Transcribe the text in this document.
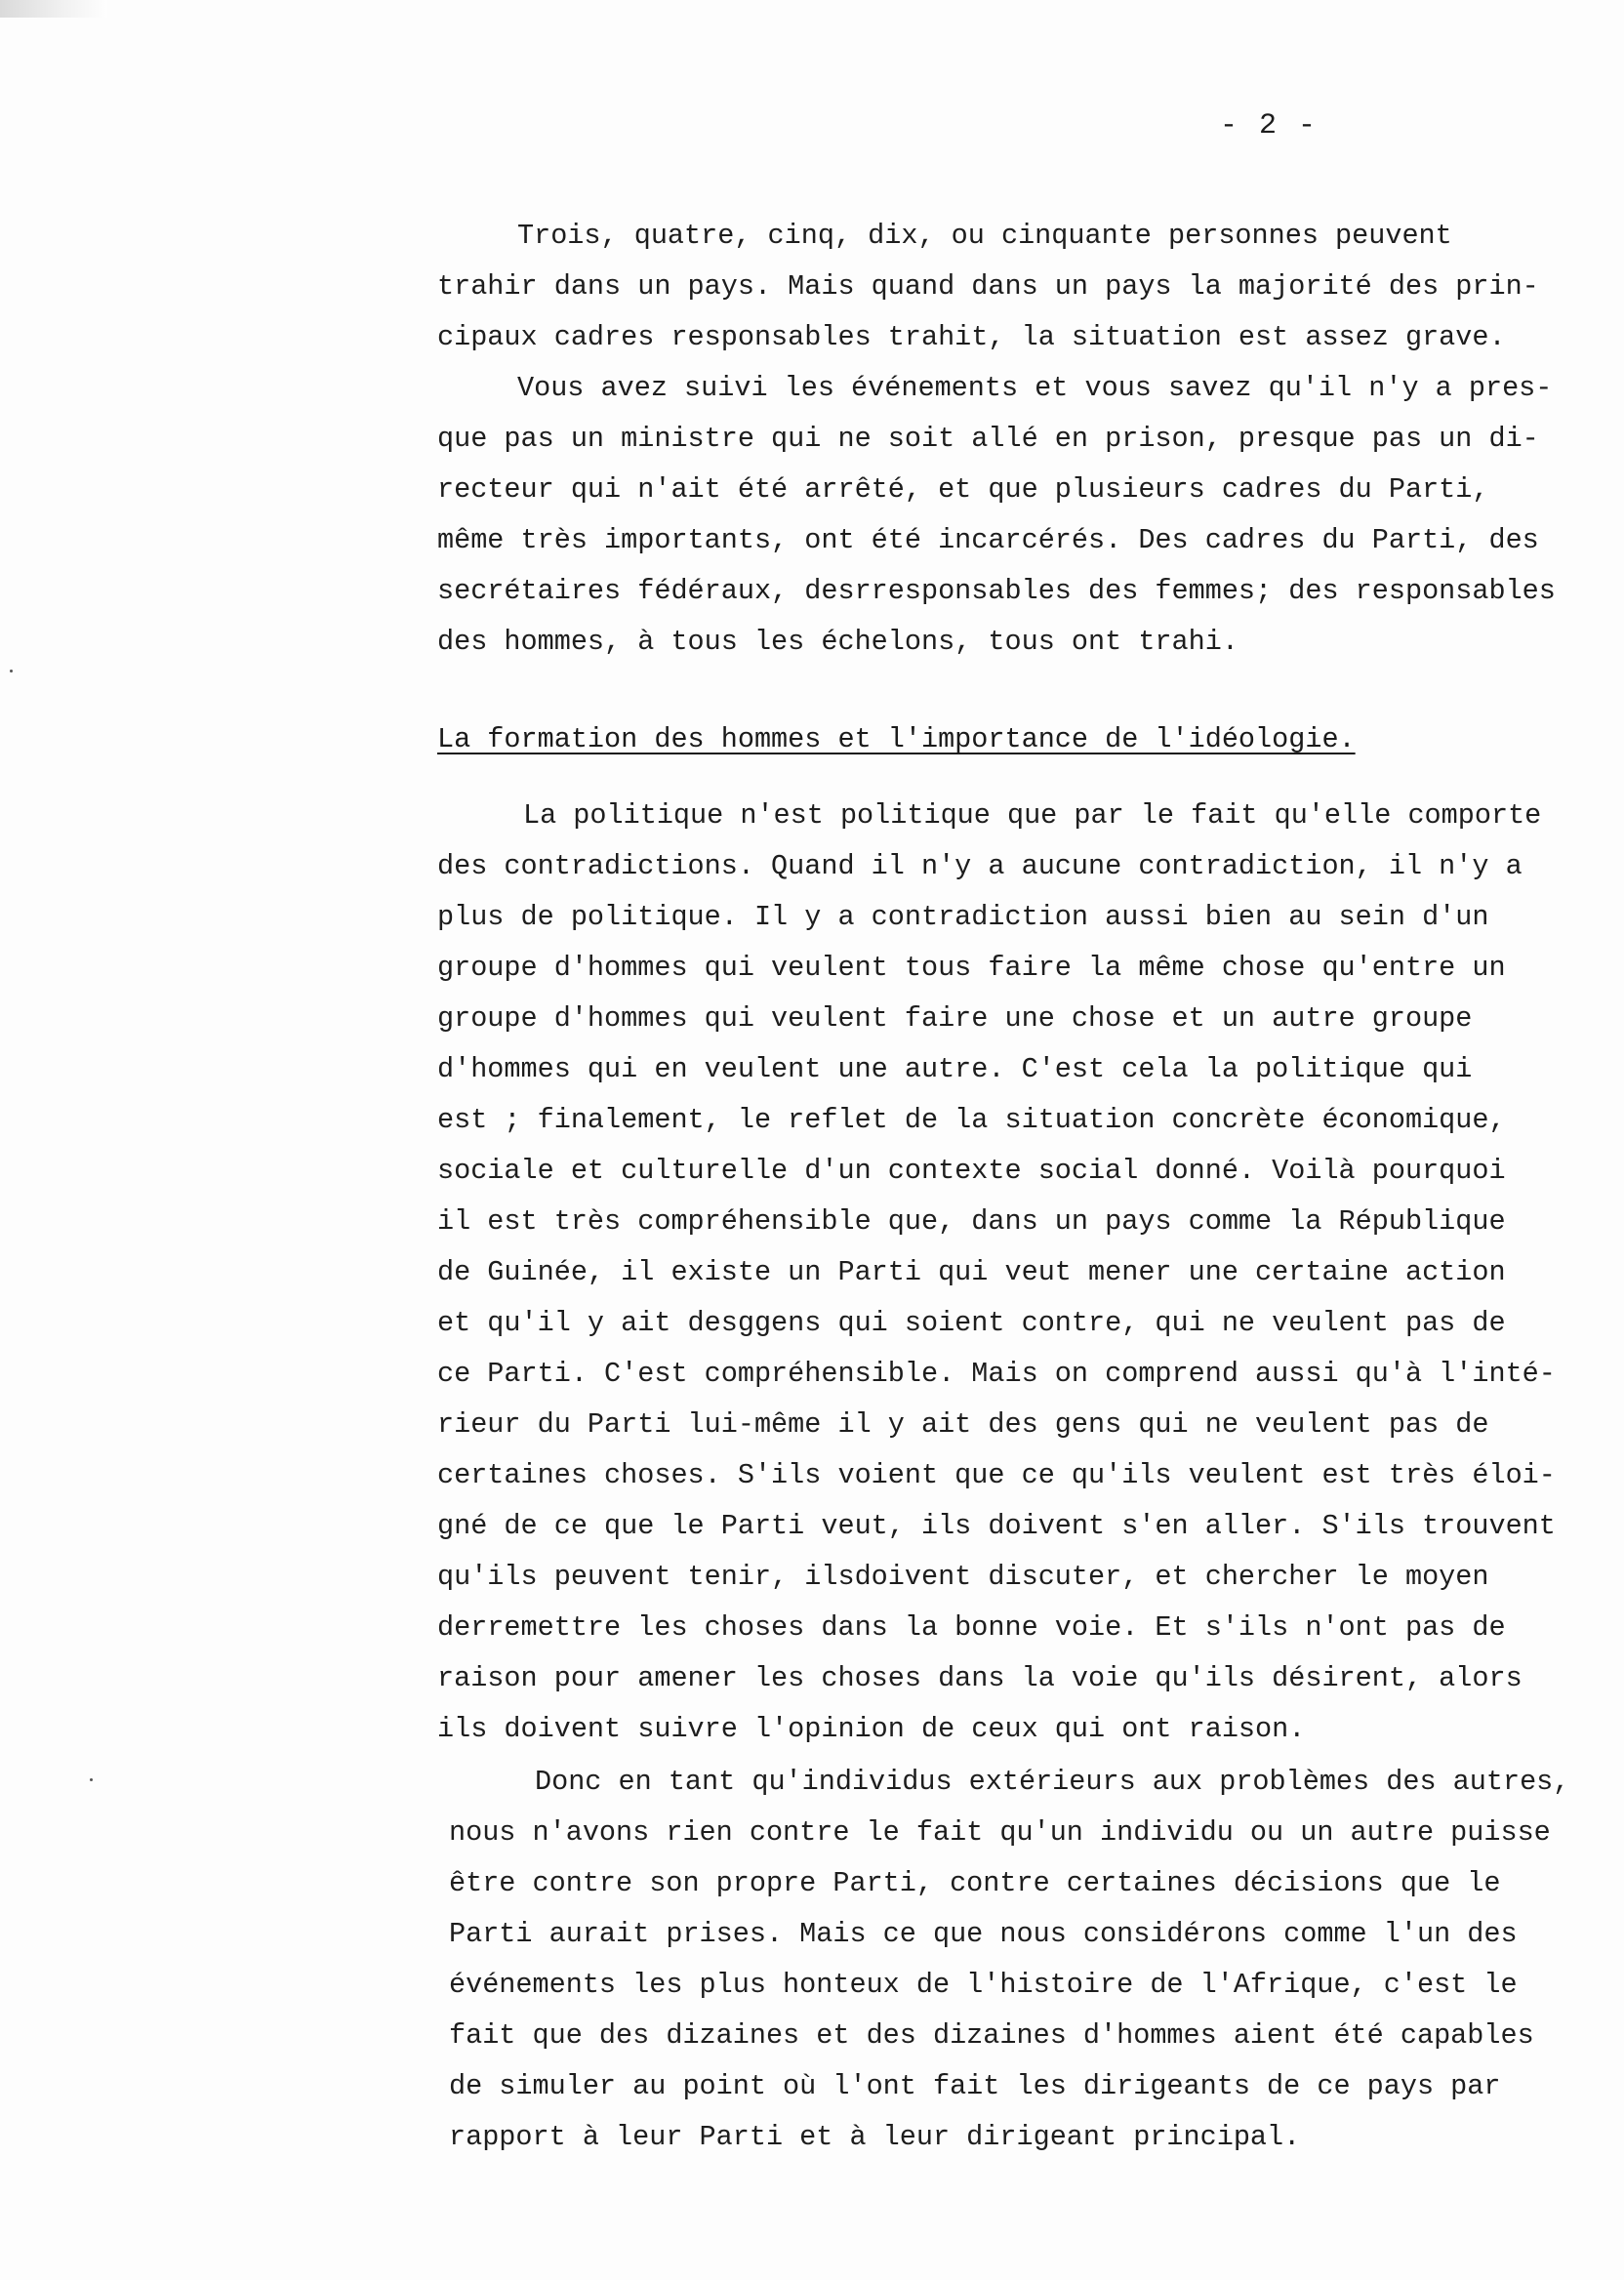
- 2 -
Trois, quatre, cinq, dix, ou cinquante personnes peuvent
trahir dans un pays. Mais quand dans un pays la majorité des prin-
cipaux cadres responsables trahit, la situation est assez grave.
Vous avez suivi les événements et vous savez qu'il n'y a pres-
que pas un ministre qui ne soit allé en prison, presque pas un di-
recteur qui n'ait été arrêté, et que plusieurs cadres du Parti,
même très importants, ont été incarcérés. Des cadres du Parti, des
secrétaires fédéraux, desrresponsables des femmes; des responsables
des hommes, à tous les échelons, tous ont trahi.
La formation des hommes et l'importance de l'idéologie.
La politique n'est politique que par le fait qu'elle comporte
des contradictions. Quand il n'y a aucune contradiction, il n'y a
plus de politique. Il y a contradiction aussi bien au sein d'un
groupe d'hommes qui veulent tous faire la même chose qu'entre un
groupe d'hommes qui veulent faire une chose et un autre groupe
d'hommes qui en veulent une autre. C'est cela la politique qui
est ; finalement, le reflet de la situation concrète économique,
sociale et culturelle d'un contexte social donné. Voilà pourquoi
il est très compréhensible que, dans un pays comme la République
de Guinée, il existe un Parti qui veut mener une certaine action
et qu'il y ait desggens qui soient contre, qui ne veulent pas de
ce Parti. C'est compréhensible. Mais on comprend aussi qu'à l'inté-
rieur du Parti lui-même il y ait des gens qui ne veulent pas de
certaines choses. S'ils voient que ce qu'ils veulent est très éloi-
gné de ce que le Parti veut, ils doivent s'en aller. S'ils trouvent
qu'ils peuvent tenir, ilsdoivent discuter, et chercher le moyen
derremettre les choses dans la bonne voie. Et s'ils n'ont pas de
raison pour amener les choses dans la voie qu'ils désirent, alors
ils doivent suivre l'opinion de ceux qui ont raison.
Donc en tant qu'individus extérieurs aux problèmes des autres,
nous n'avons rien contre le fait qu'un individu ou un autre puisse
être contre son propre Parti, contre certaines décisions que le
Parti aurait prises. Mais ce que nous considérons comme l'un des
événements les plus honteux de l'histoire de l'Afrique, c'est le
fait que des dizaines et des dizaines d'hommes aient été capables
de simuler au point où l'ont fait les dirigeants de ce pays par
rapport à leur Parti et à leur dirigeant principal.
